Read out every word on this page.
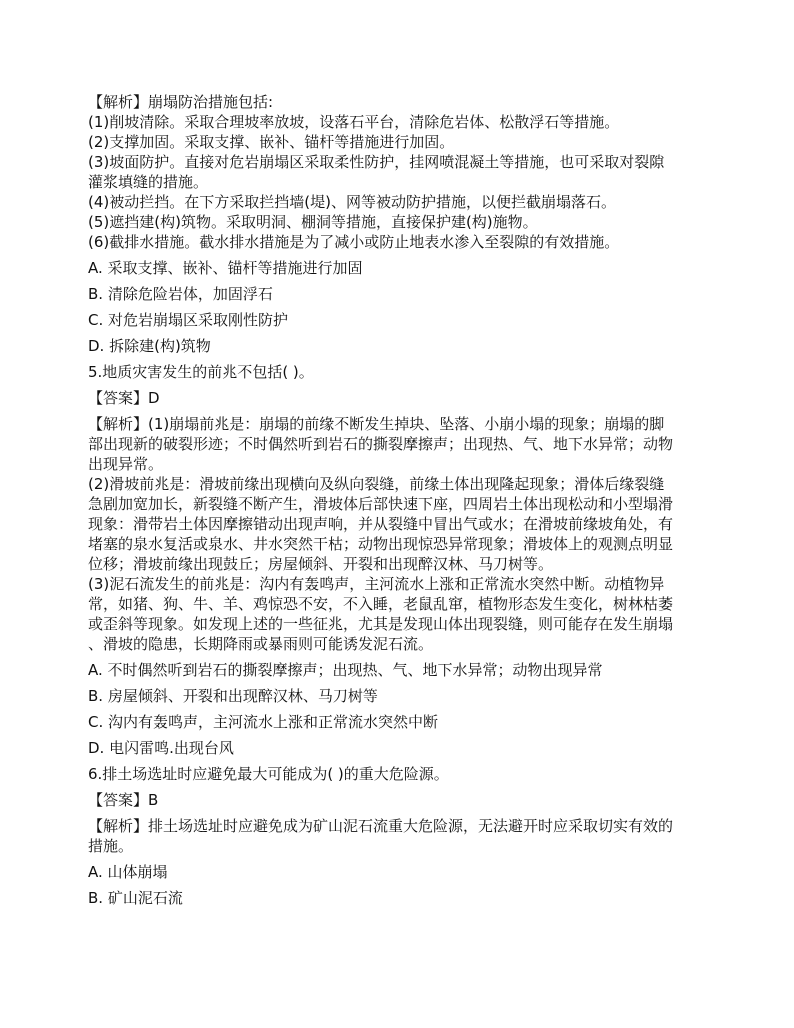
【解析】崩塌防治措施包括:

(1)削坡清除。采取合理坡率放坡，设落石平台，清除危岩体、松散浮石等措施。

(2)支撑加固。采取支撑、嵌补、锚杆等措施进行加固。

(3)坡面防护。直接对危岩崩塌区采取柔性防护，挂网喷混凝土等措施，也可采取对裂隙

灌浆填缝的措施。

(4)被动拦挡。在下方采取拦挡墙(堤)、网等被动防护措施，以便拦截崩塌落石。

(5)遮挡建(构)筑物。采取明洞、棚洞等措施，直接保护建(构)施物。

(6)截排水措施。截水排水措施是为了减小或防止地表水渗入至裂隙的有效措施。

A. 采取支撑、嵌补、锚杆等措施进行加固

B. 清除危险岩体，加固浮石

C. 对危岩崩塌区采取刚性防护

D. 拆除建(构)筑物

5.地质灾害发生的前兆不包括( )。

【答案】D

【解析】(1)崩塌前兆是：崩塌的前缘不断发生掉块、坠落、小崩小塌的现象；崩塌的脚

部出现新的破裂形迹；不时偶然听到岩石的撕裂摩擦声；出现热、气、地下水异常；动物

出现异常。

(2)滑坡前兆是：滑坡前缘出现横向及纵向裂缝，前缘土体出现隆起现象；滑体后缘裂缝

急剧加宽加长，新裂缝不断产生，滑坡体后部快速下座，四周岩土体出现松动和小型塌滑

现象：滑带岩土体因摩擦错动出现声响，并从裂缝中冒出气或水；在滑坡前缘坡角处，有

堵塞的泉水复活或泉水、井水突然干枯；动物出现惊恐异常现象；滑坡体上的观测点明显

位移；滑坡前缘出现鼓丘；房屋倾斜、开裂和出现醉汉林、马刀树等。

(3)泥石流发生的前兆是：沟内有轰鸣声，主河流水上涨和正常流水突然中断。动植物异

常，如猪、狗、牛、羊、鸡惊恐不安，不入睡，老鼠乱窜，植物形态发生变化，树林枯萎

或歪斜等现象。如发现上述的一些征兆，尤其是发现山体出现裂缝，则可能存在发生崩塌

、滑坡的隐患，长期降雨或暴雨则可能诱发泥石流。

A. 不时偶然听到岩石的撕裂摩擦声；出现热、气、地下水异常；动物出现异常

B. 房屋倾斜、开裂和出现醉汉林、马刀树等

C. 沟内有轰鸣声，主河流水上涨和正常流水突然中断

D. 电闪雷鸣.出现台风

6.排土场选址时应避免最大可能成为( )的重大危险源。

【答案】B

【解析】排土场选址时应避免成为矿山泥石流重大危险源，无法避开时应采取切实有效的

措施。

A. 山体崩塌

B. 矿山泥石流
